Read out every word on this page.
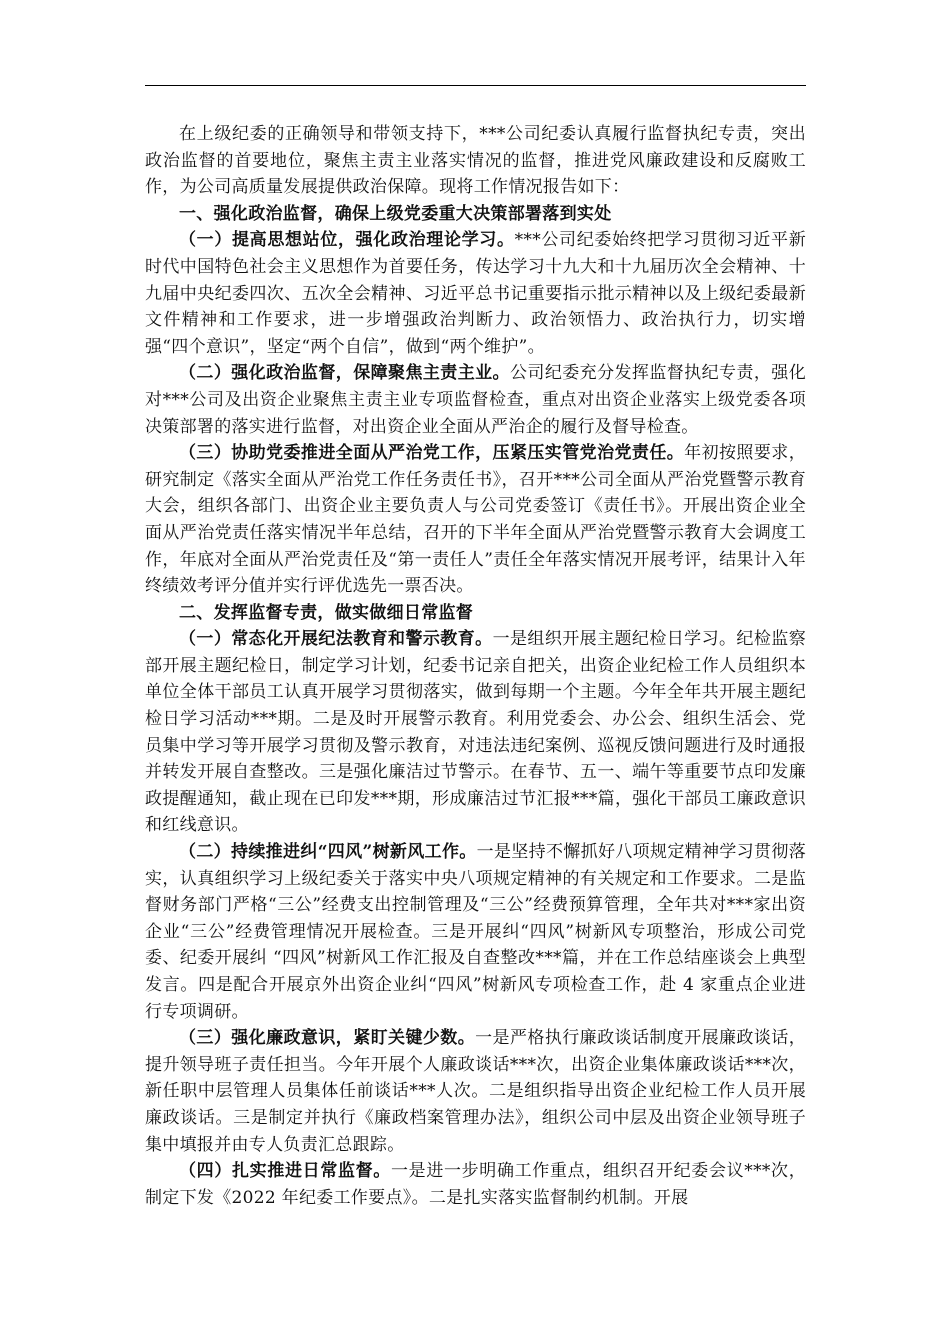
在上级纪委的正确领导和带领支持下，***公司纪委认真履行监督执纪专责，突出政治监督的首要地位，聚焦主责主业落实情况的监督，推进党风廉政建设和反腐败工作，为公司高质量发展提供政治保障。现将工作情况报告如下：

一、强化政治监督，确保上级党委重大决策部署落到实处

（一）提高思想站位，强化政治理论学习。***公司纪委始终把学习贯彻习近平新时代中国特色社会主义思想作为首要任务，传达学习十九大和十九届历次全会精神、十九届中央纪委四次、五次全会精神、习近平总书记重要指示批示精神以及上级纪委最新文件精神和工作要求，进一步增强政治判断力、政治领悟力、政治执行力，切实增强“四个意识”，坚定“两个自信”，做到“两个维护”。

（二）强化政治监督，保障聚焦主责主业。公司纪委充分发挥监督执纪专责，强化对***公司及出资企业聚焦主责主业专项监督检查，重点对出资企业落实上级党委各项决策部署的落实进行监督，对出资企业全面从严治企的履行及督导检查。

（三）协助党委推进全面从严治党工作，压紧压实管党治党责任。年初按照要求，研究制定《落实全面从严治党工作任务责任书》，召开***公司全面从严治党暨警示教育大会，组织各部门、出资企业主要负责人与公司党委签订《责任书》。开展出资企业全面从严治党责任落实情况半年总结，召开的下半年全面从严治党暨警示教育大会调度工作，年底对全面从严治党责任及“第一责任人”责任全年落实情况开展考评，结果计入年终绩效考评分值并实行评优选先一票否决。

二、发挥监督专责，做实做细日常监督

（一）常态化开展纪法教育和警示教育。一是组织开展主题纪检日学习。纪检监察部开展主题纪检日，制定学习计划，纪委书记亲自把关，出资企业纪检工作人员组织本单位全体干部员工认真开展学习贯彻落实，做到每期一个主题。今年全年共开展主题纪检日学习活动***期。二是及时开展警示教育。利用党委会、办公会、组织生活会、党员集中学习等开展学习贯彻及警示教育，对违法违纪案例、巡视反馈问题进行及时通报并转发开展自查整改。三是强化廉洁过节警示。在春节、五一、端午等重要节点印发廉政提醒通知，截止现在已印发***期，形成廉洁过节汇报***篇，强化干部员工廉政意识和红线意识。

（二）持续推进纠“四风”树新风工作。一是坚持不懈抓好八项规定精神学习贯彻落实，认真组织学习上级纪委关于落实中央八项规定精神的有关规定和工作要求。二是监督财务部门严格“三公”经费支出控制管理及“三公”经费预算管理，全年共对***家出资企业“三公”经费管理情况开展检查。三是开展纠“四风”树新风专项整治，形成公司党委、纪委开展纠 “四风”树新风工作汇报及自查整改***篇，并在工作总结座谈会上典型发言。四是配合开展京外出资企业纠“四风”树新风专项检查工作，赴 4 家重点企业进行专项调研。

（三）强化廉政意识，紧盯关键少数。一是严格执行廉政谈话制度开展廉政谈话，提升领导班子责任担当。今年开展个人廉政谈话***次，出资企业集体廉政谈话***次，新任职中层管理人员集体任前谈话***人次。二是组织指导出资企业纪检工作人员开展廉政谈话。三是制定并执行《廉政档案管理办法》，组织公司中层及出资企业领导班子集中填报并由专人负责汇总跟踪。

（四）扎实推进日常监督。一是进一步明确工作重点，组织召开纪委会议***次，制定下发《2022 年纪委工作要点》。二是扎实落实监督制约机制。开展
